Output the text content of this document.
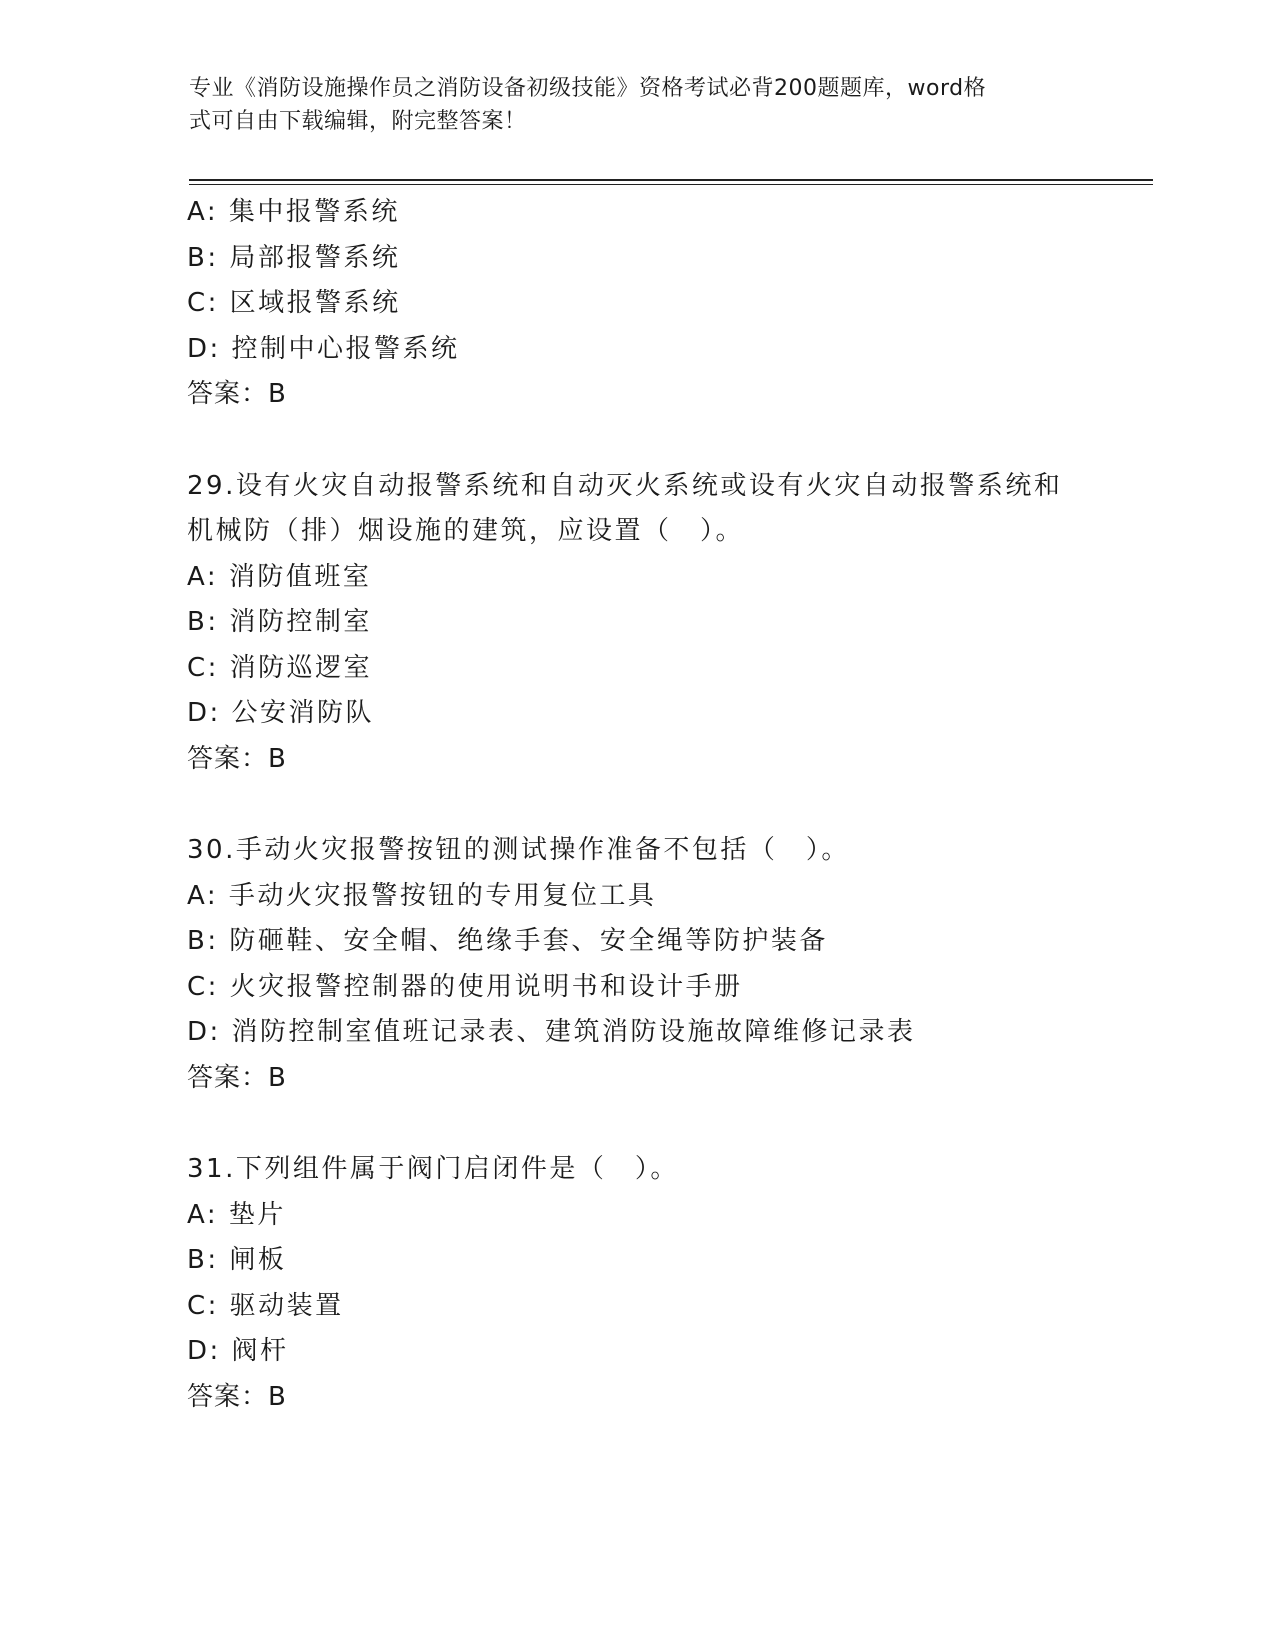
专业《消防设施操作员之消防设备初级技能》资格考试必背200题题库，word格
式可自由下载编辑，附完整答案！
A: 集中报警系统
B: 局部报警系统
C: 区域报警系统
D: 控制中心报警系统
答案：B
29.设有火灾自动报警系统和自动灭火系统或设有火灾自动报警系统和
机械防（排）烟设施的建筑，应设置（　）。
A: 消防值班室
B: 消防控制室
C: 消防巡逻室
D: 公安消防队
答案：B
30.手动火灾报警按钮的测试操作准备不包括（　）。
A: 手动火灾报警按钮的专用复位工具
B: 防砸鞋、安全帽、绝缘手套、安全绳等防护装备
C: 火灾报警控制器的使用说明书和设计手册
D: 消防控制室值班记录表、建筑消防设施故障维修记录表
答案：B
31.下列组件属于阀门启闭件是（　）。
A: 垫片
B: 闸板
C: 驱动装置
D: 阀杆
答案：B
